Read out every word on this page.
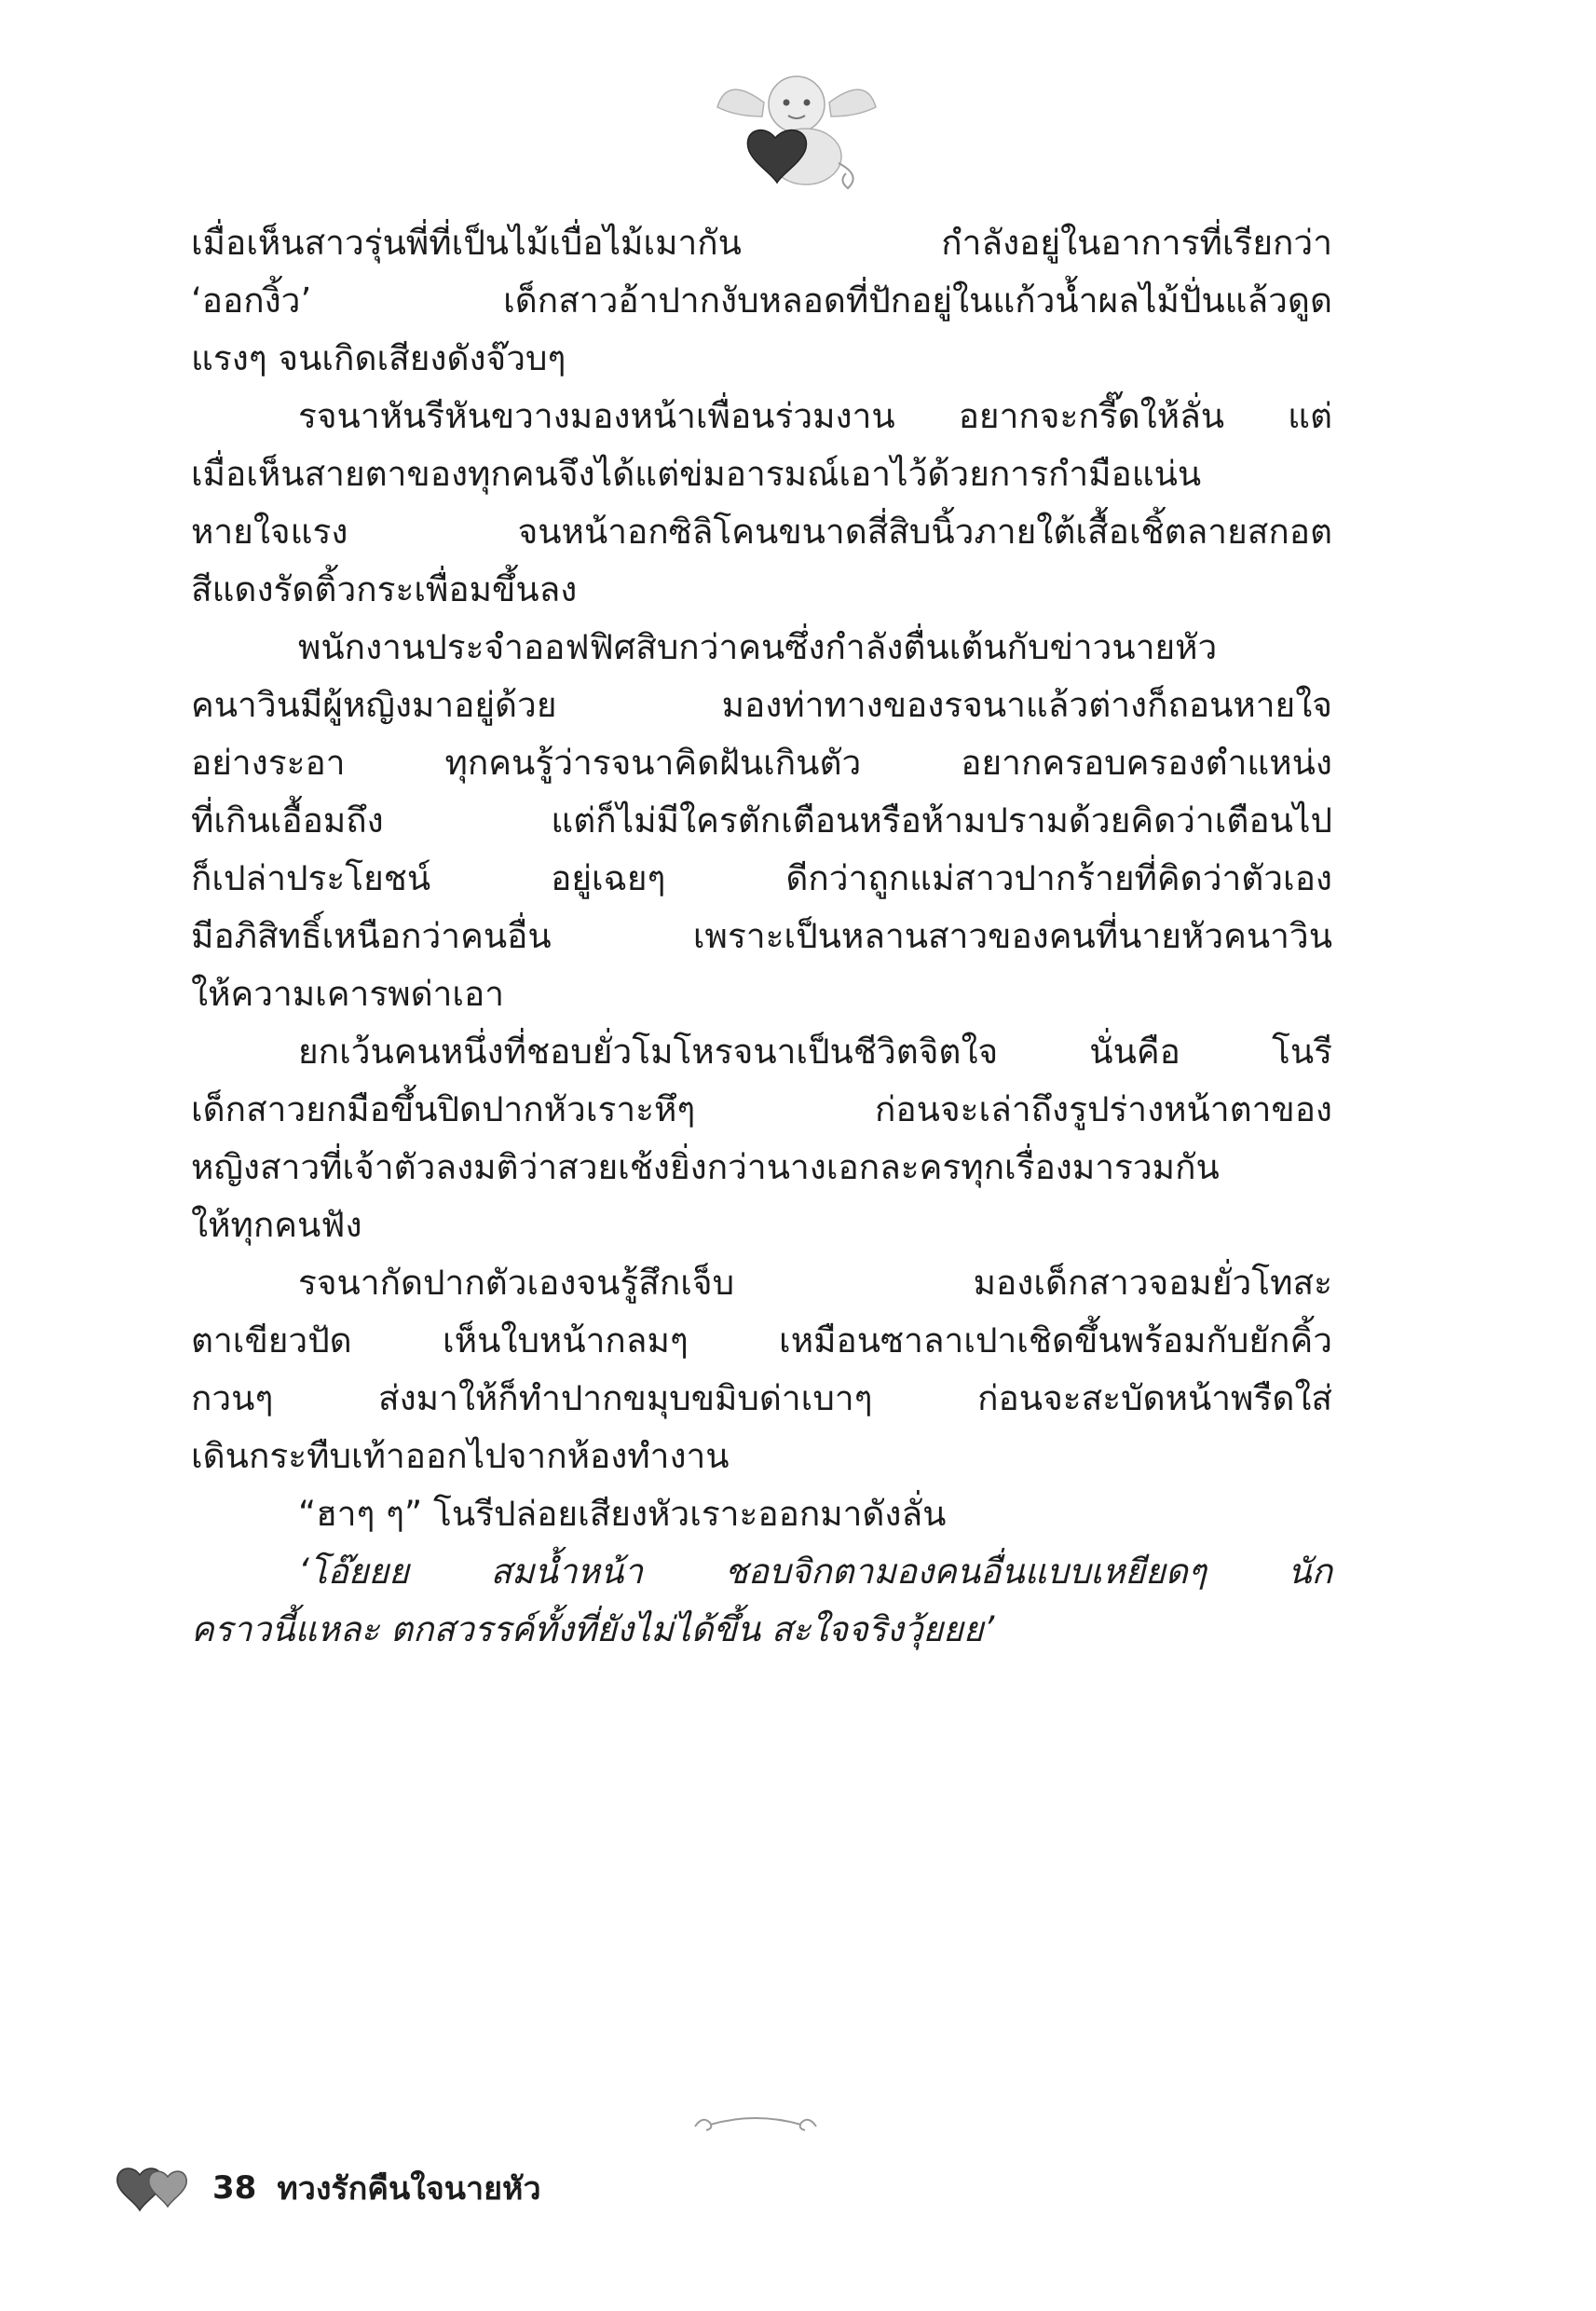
เมื่อเห็นสาวรุ่นพี่ที่เป็นไม้เบื่อไม้เมากัน กำลังอยู่ในอาการที่เรียกว่า
‘ออกงิ้ว’ เด็กสาวอ้าปากงับหลอดที่ปักอยู่ในแก้วน้ำผลไม้ปั่นแล้วดูด
แรงๆ จนเกิดเสียงดังจ๊วบๆ
รจนาหันรีหันขวางมองหน้าเพื่อนร่วมงาน อยากจะกรี๊ดให้ลั่น แต่
เมื่อเห็นสายตาของทุกคนจึงได้แต่ข่มอารมณ์เอาไว้ด้วยการกำมือแน่น
หายใจแรง จนหน้าอกซิลิโคนขนาดสี่สิบนิ้วภายใต้เสื้อเชิ้ตลายสกอต
สีแดงรัดติ้วกระเพื่อมขึ้นลง
พนักงานประจำออฟฟิศสิบกว่าคนซึ่งกำลังตื่นเต้นกับข่าวนายหัว
คนาวินมีผู้หญิงมาอยู่ด้วย มองท่าทางของรจนาแล้วต่างก็ถอนหายใจ
อย่างระอา ทุกคนรู้ว่ารจนาคิดฝันเกินตัว อยากครอบครองตำแหน่ง
ที่เกินเอื้อมถึง แต่ก็ไม่มีใครตักเตือนหรือห้ามปรามด้วยคิดว่าเตือนไป
ก็เปล่าประโยชน์ อยู่เฉยๆ ดีกว่าถูกแม่สาวปากร้ายที่คิดว่าตัวเอง
มีอภิสิทธิ์เหนือกว่าคนอื่น เพราะเป็นหลานสาวของคนที่นายหัวคนาวิน
ให้ความเคารพด่าเอา
ยกเว้นคนหนึ่งที่ชอบยั่วโมโหรจนาเป็นชีวิตจิตใจ นั่นคือ โนรี
เด็กสาวยกมือขึ้นปิดปากหัวเราะหึๆ ก่อนจะเล่าถึงรูปร่างหน้าตาของ
หญิงสาวที่เจ้าตัวลงมติว่าสวยเช้งยิ่งกว่านางเอกละครทุกเรื่องมารวมกัน
ให้ทุกคนฟัง
รจนากัดปากตัวเองจนรู้สึกเจ็บ มองเด็กสาวจอมยั่วโทสะ
ตาเขียวปัด เห็นใบหน้ากลมๆ เหมือนซาลาเปาเชิดขึ้นพร้อมกับยักคิ้ว
กวนๆ ส่งมาให้ก็ทำปากขมุบขมิบด่าเบาๆ ก่อนจะสะบัดหน้าพรืดใส่
เดินกระทืบเท้าออกไปจากห้องทำงาน
“ฮาๆ ๆ” โนรีปล่อยเสียงหัวเราะออกมาดังลั่น
‘โอ๊ยยย สมน้ำหน้า ชอบจิกตามองคนอื่นแบบเหยียดๆ นัก
คราวนี้แหละ ตกสวรรค์ทั้งที่ยังไม่ได้ขึ้น สะใจจริงวุ้ยยย’
38 ทวงรักคืนใจนายหัว
